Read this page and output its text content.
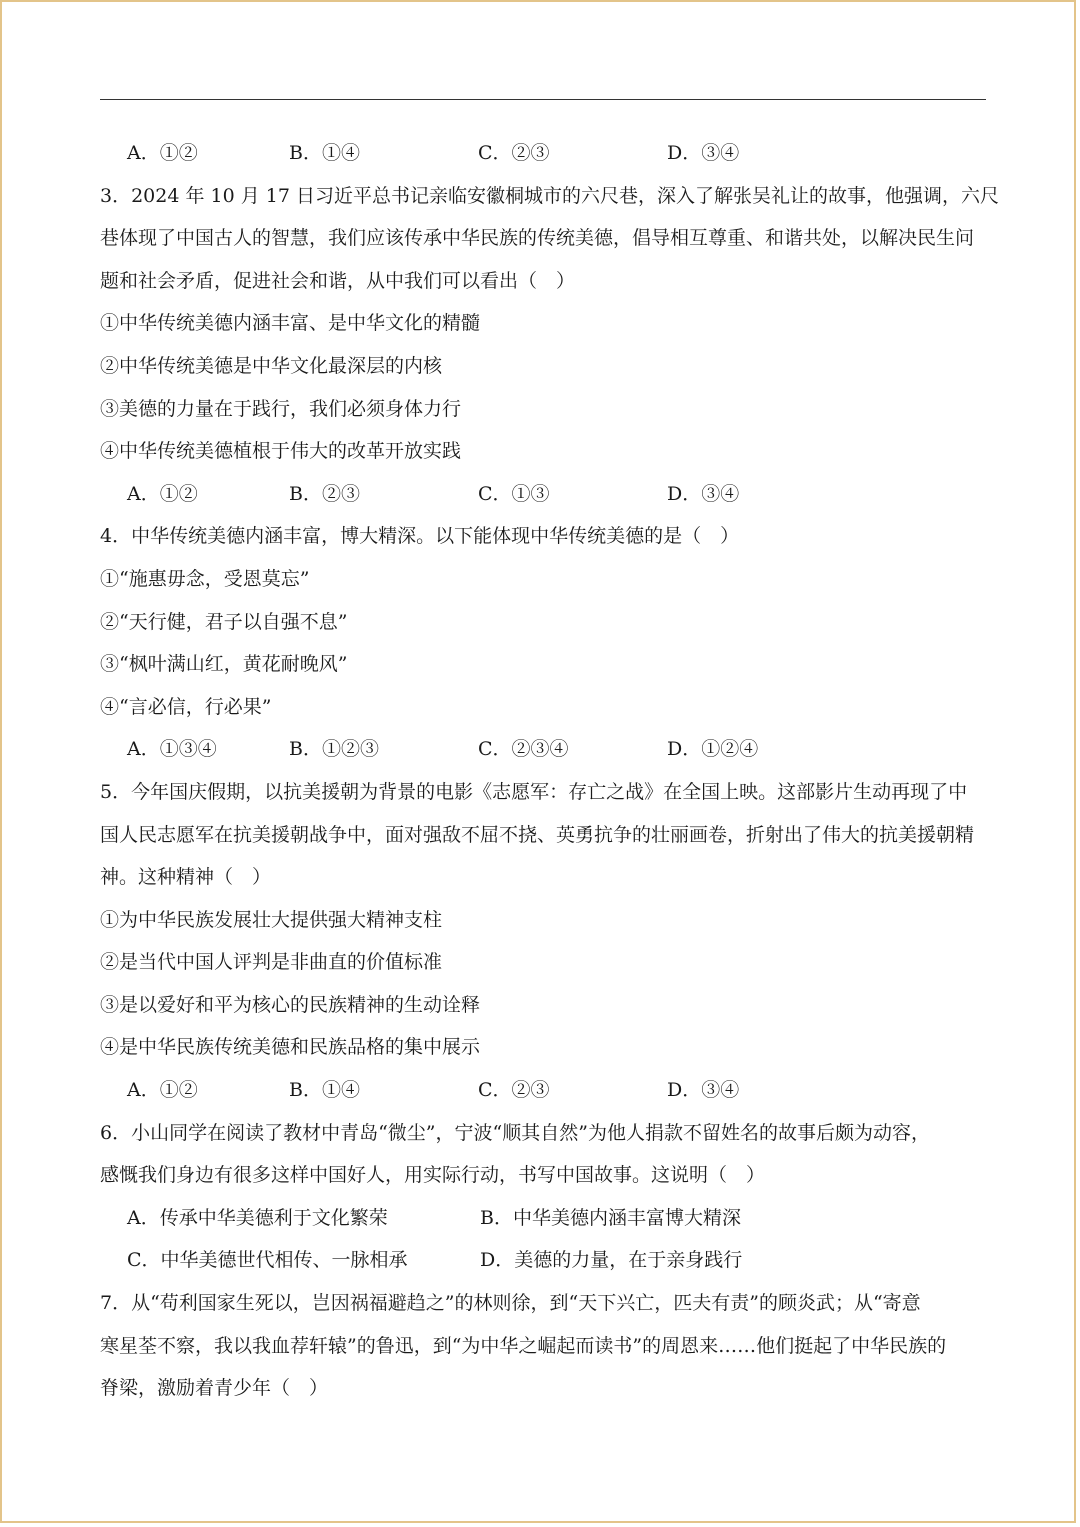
A．①②	B．①④	C．②③	D．③④

3．2024 年 10 月 17 日习近平总书记亲临安徽桐城市的六尺巷，深入了解张吴礼让的故事，他强调，六尺

巷体现了中国古人的智慧，我们应该传承中华民族的传统美德，倡导相互尊重、和谐共处，以解决民生问

题和社会矛盾，促进社会和谐，从中我们可以看出（　）

①中华传统美德内涵丰富、是中华文化的精髓

②中华传统美德是中华文化最深层的内核

③美德的力量在于践行，我们必须身体力行

④中华传统美德植根于伟大的改革开放实践

A．①②	B．②③	C．①③	D．③④

4．中华传统美德内涵丰富，博大精深。以下能体现中华传统美德的是（　）

①“施惠毋念，受恩莫忘”

②“天行健，君子以自强不息”

③“枫叶满山红，黄花耐晚风”

④“言必信，行必果”

A．①③④	B．①②③	C．②③④	D．①②④

5．今年国庆假期，以抗美援朝为背景的电影《志愿军：存亡之战》在全国上映。这部影片生动再现了中

国人民志愿军在抗美援朝战争中，面对强敌不屈不挠、英勇抗争的壮丽画卷，折射出了伟大的抗美援朝精

神。这种精神（　）

①为中华民族发展壮大提供强大精神支柱

②是当代中国人评判是非曲直的价值标准

③是以爱好和平为核心的民族精神的生动诠释

④是中华民族传统美德和民族品格的集中展示

A．①②	B．①④	C．②③	D．③④

6．小山同学在阅读了教材中青岛“微尘”，宁波“顺其自然”为他人捐款不留姓名的故事后颇为动容，

感慨我们身边有很多这样中国好人，用实际行动，书写中国故事。这说明（　）

A．传承中华美德利于文化繁荣	B．中华美德内涵丰富博大精深
C．中华美德世代相传、一脉相承	D．美德的力量，在于亲身践行

7．从“苟利国家生死以，岂因祸福避趋之”的林则徐，到“天下兴亡，匹夫有责”的顾炎武；从“寄意

寒星荃不察，我以我血荐轩辕”的鲁迅，到“为中华之崛起而读书”的周恩来……他们挺起了中华民族的

脊梁，激励着青少年（　）
